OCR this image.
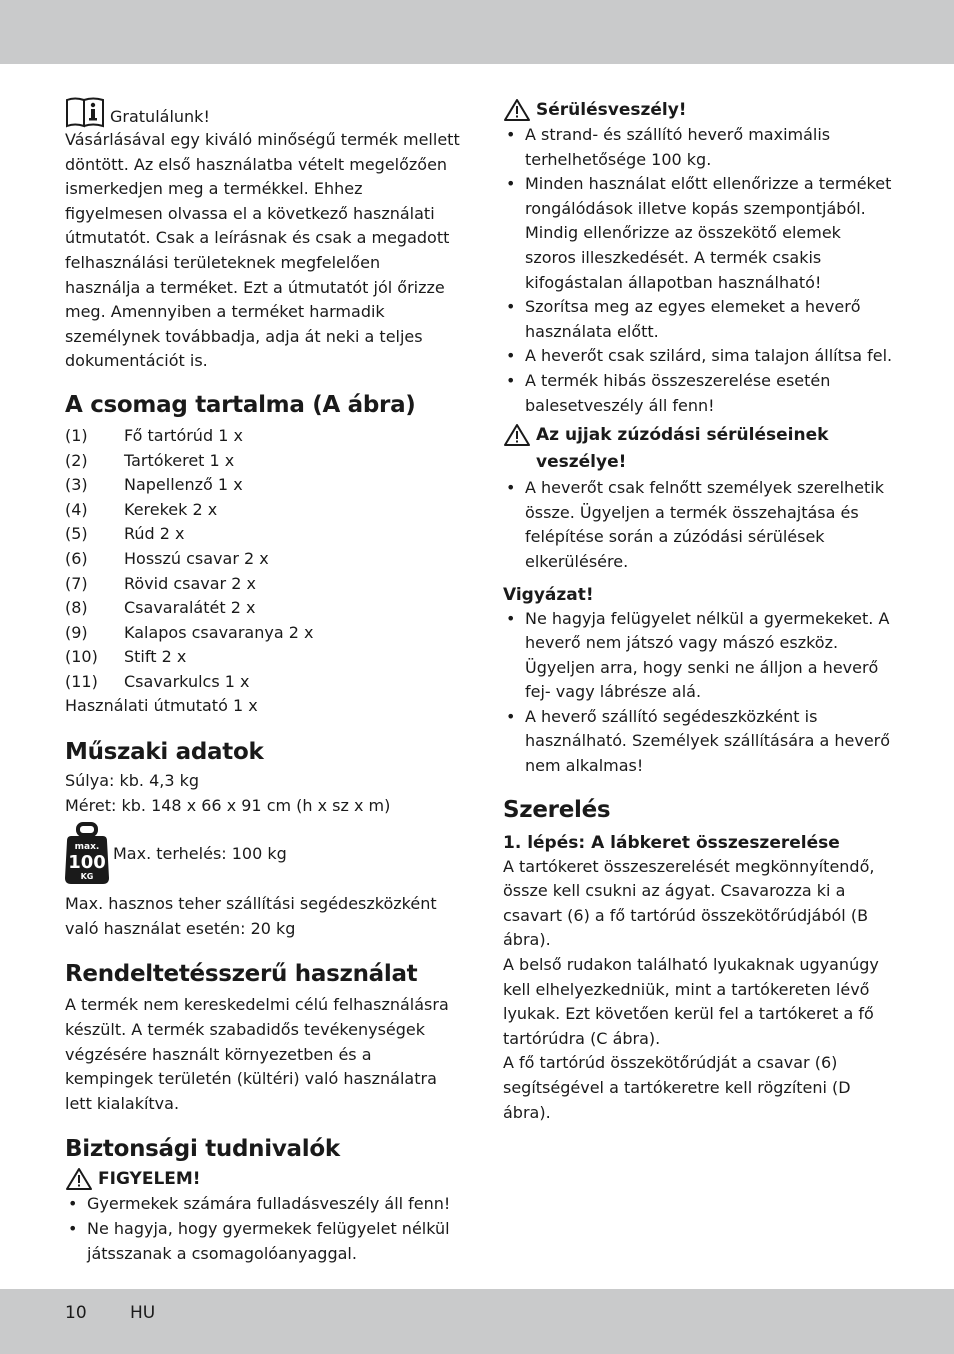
Gratulálunk!

Vásárlásával egy kiváló minőségű termék mellett döntött. Az első használatba vételt megelőzően ismerkedjen meg a termékkel. Ehhez figyelmesen olvassa el a következő használati útmutatót. Csak a leírásnak és csak a megadott felhasználási területeknek megfelelően használja a terméket. Ezt a útmutatót jól őrizze meg. Amennyiben a terméket harmadik személynek továbbadja, adja át neki a teljes dokumentációt is.

A csomag tartalma (A ábra)
(1)	Fő tartórúd 1 x
(2)	Tartókeret 1 x
(3)	Napellenző 1 x
(4)	Kerekek 2 x
(5)	Rúd 2 x
(6)	Hosszú csavar 2 x
(7)	Rövid csavar 2 x
(8)	Csavaralátét 2 x
(9)	Kalapos csavaranya 2 x
(10)	Stift 2 x
(11)	Csavarkulcs 1 x

Használati útmutató 1 x

Műszaki adatok

Súlya: kb. 4,3 kg

Méret: kb. 148 x 66 x 91 cm (h x sz x m)

max.
100
KG
Max. terhelés: 100 kg

Max. hasznos teher szállítási segédeszközként való használat esetén: 20 kg

Rendeltetésszerű használat

A termék nem kereskedelmi célú felhasználásra készült. A termék szabadidős tevékenységek végzésére használt környezetben és a kempingek területén (kültéri) való használatra lett kialakítva.

Biztonsági tudnivalók
FIGYELEM!
• Gyermekek számára fulladásveszély áll fenn!
• Ne hagyja, hogy gyermekek felügyelet nélkül játsszanak a csomagolóanyaggal.
Sérülésveszély!
• A strand- és szállító heverő maximális terhelhetősége 100 kg.
• Minden használat előtt ellenőrizze a terméket rongálódások illetve kopás szempontjából. Mindig ellenőrizze az összekötő elemek szoros illeszkedését. A termék csakis kifogástalan állapotban használható!
• Szorítsa meg az egyes elemeket a heverő használata előtt.
• A heverőt csak szilárd, sima talajon állítsa fel.
• A termék hibás összeszerelése esetén balesetveszély áll fenn!
Az ujjak zúzódási sérüléseinek veszélye!
• A heverőt csak felnőtt személyek szerelhetik össze. Ügyeljen a termék összehajtása és felépítése során a zúzódási sérülések elkerülésére.
Vigyázat!
• Ne hagyja felügyelet nélkül a gyermekeket. A heverő nem játszó vagy mászó eszköz. Ügyeljen arra, hogy senki ne álljon a heverő fej- vagy lábrésze alá.
• A heverő szállító segédeszközként is használható. Személyek szállítására a heverő nem alkalmas!
Szerelés
1. lépés: A lábkeret összeszerelése

A tartókeret összeszerelését megkönnyítendő, össze kell csukni az ágyat. Csavarozza ki a csavart (6) a fő tartórúd összekötőrúdjából (B ábra).

A belső rudakon található lyukaknak ugyanúgy kell elhelyezkedniük, mint a tartókereten lévő lyukak. Ezt követően kerül fel a tartókeret a fő tartórúdra (C ábra).

A fő tartórúd összekötőrúdját a csavar (6) segítségével a tartókeretre kell rögzíteni (D ábra).

10	HU
